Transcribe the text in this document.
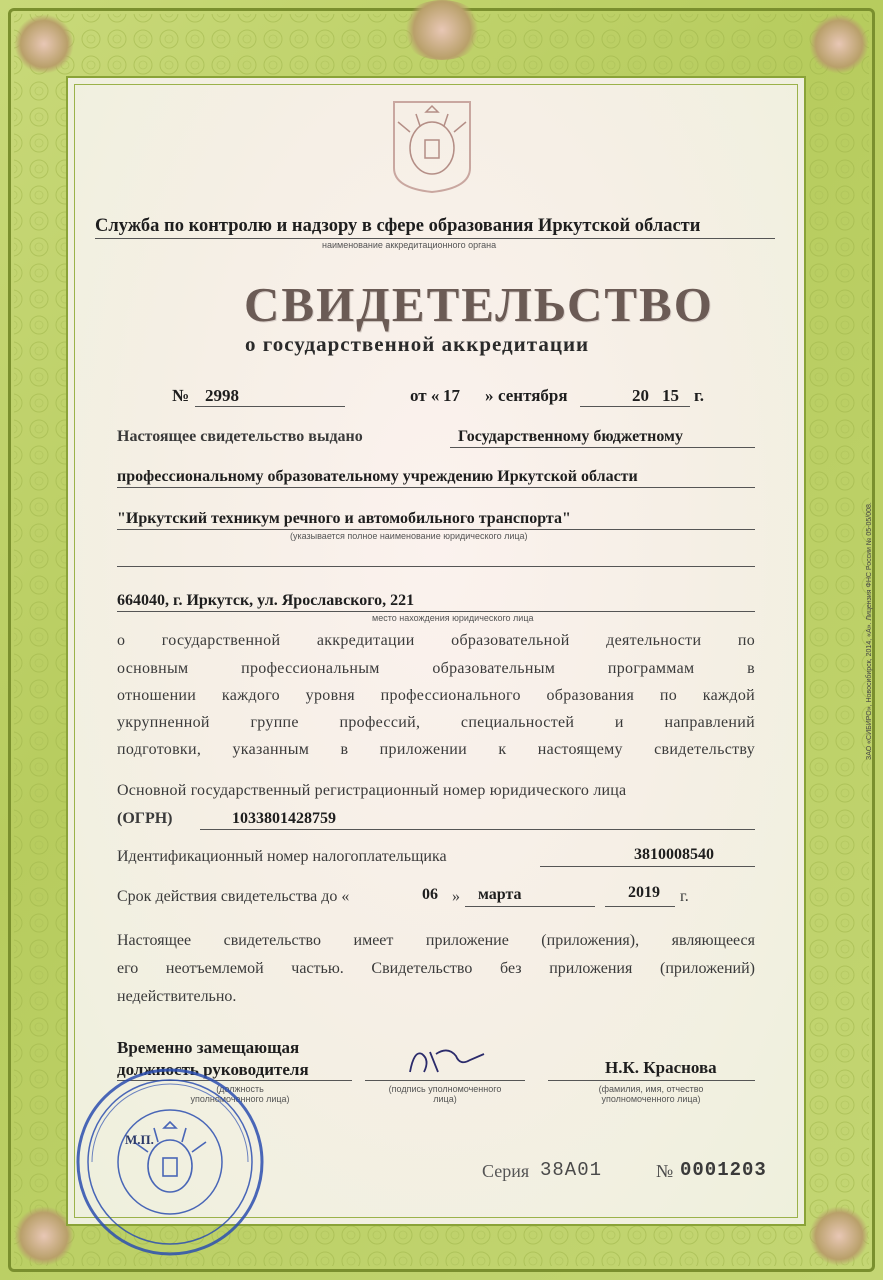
Служба по контролю и надзору в сфере образования Иркутской области
наименование аккредитационного органа
СВИДЕТЕЛЬСТВО
о государственной аккредитации
№ 2998	от « 17 » сентября	20 15 г.
Настоящее свидетельство выдано	Государственному бюджетному
профессиональному образовательному учреждению Иркутской области
"Иркутский техникум речного и автомобильного транспорта"
(указывается полное наименование юридического лица)
664040, г. Иркутск, ул. Ярославского, 221
место нахождения юридического лица
о государственной аккредитации образовательной деятельности по
основным профессиональным образовательным программам в
отношении каждого уровня профессионального образования по каждой
укрупненной группе профессий, специальностей и направлений
подготовки, указанным в приложении к настоящему свидетельству
Основной государственный регистрационный номер юридического лица
(ОГРН)	1033801428759
Идентификационный номер налогоплательщика	3810008540
Срок действия свидетельства до «	06 » марта	2019 г.
Настоящее свидетельство имеет приложение (приложения), являющееся
его неотъемлемой частью. Свидетельство без приложения (приложений)
недействительно.
Временно замещающая
должность руководителя
(должность уполномоченного лица)
(подпись уполномоченного лица)
Н.К. Краснова
(фамилия, имя, отчество уполномоченного лица)
М.П.
Серия 38А01	№ 0001203
ЗАО «СИБИРО», Новосибирск, 2014, «А». Лицензия ФНС России № 05-05/008.
